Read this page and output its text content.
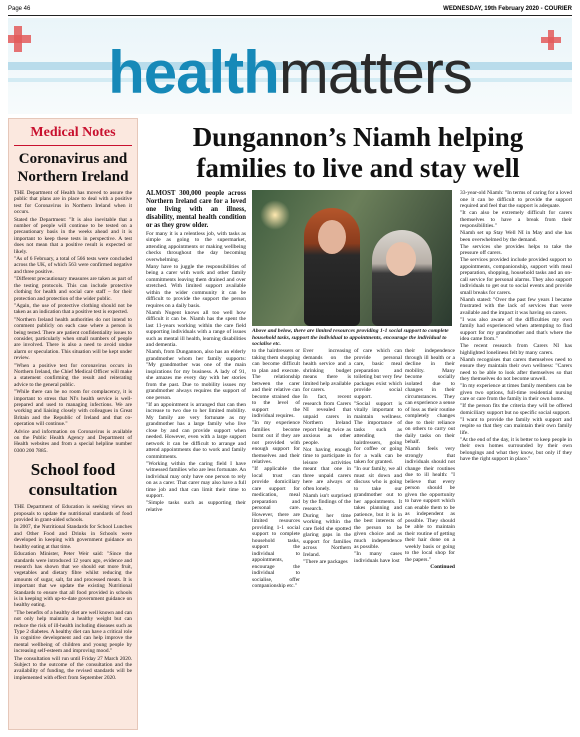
Page 46	WEDNESDAY, 19th February 2020 - COURIER
healthmatters
Medical Notes
Coronavirus and Northern Ireland

THE Department of Health has moved to assure the public that plans are in place to deal with a positive test for Coronavirus in Northern Ireland when it occurs.

Stated the Department: "It is also inevitable that a number of people will continue to be tested on a precautionary basis in the weeks ahead and it is important to keep these tests in perspective. A test does not mean that a positive result is expected or likely.

"As of 6 February, a total of 566 tests were concluded across the UK, of which 563 were confirmed negative and three positive.

"Different precautionary measures are taken as part of the testing protocols. This can include protective clothing for health and social care staff – for their protection and protection of the wider public.

"Again, the use of protective clothing should not be taken as an indication that a positive test is expected.

"Northern Ireland health authorities do not intend to comment publicly on each case where a person is being tested. There are patient confidentiality issues to consider, particularly when small numbers of people are involved. There is also a need to avoid undue alarm or speculation. This situation will be kept under review.

"When a positive test for coronavirus occurs in Northern Ireland, the Chief Medical Officer will make a statement confirming the result and reiterating advice to the general public.

"While there can be no room for complacency, it is important to stress that NI's health service is well-prepared and used to managing infections. We are working and liaising closely with colleagues in Great Britain and the Republic of Ireland and that co-operation will continue."

Advice and information on Coronavirus is available on the Public Health Agency and Department of Health websites and from a special helpline number 0300 200 7885.

School food consultation

THE Department of Education is seeking views on proposals to update the nutritional standards of food provided in grant-aided schools.

In 2007, the Nutritional Standards for School Lunches and Other Food and Drinks in Schools were developed in keeping with government guidance on healthy eating at that time.

Education Minister, Peter Weir said: "Since the standards were introduced 12 years ago, evidence and research has shown that we should eat more fruit, vegetables and dietary fibre whilst reducing the amounts of sugar, salt, fat and processed meats. It is important that we update the existing Nutritional Standards to ensure that all food provided in schools is in keeping with up-to-date government guidance on healthy eating.

"The benefits of a healthy diet are well known and can not only help maintain a healthy weight but can reduce the risk of ill-health including diseases such as Type 2 diabetes. A healthy diet can have a critical role in cognitive development and can help improve the mental wellbeing of children and young people by increasing self-esteem and improving mood."

The consultation will run until Friday 27 March 2020. Subject to the outcome of the consultation and the availability of funding, the revised standards will be implemented with effect from September 2020.

Dungannon’s Niamh helping families to live and stay well

ALMOST 300,000 people across Northern Ireland care for a loved one living with an illness, disability, mental health condition or as they grow older.

For many it is a relentless job, with tasks as simple as going to the supermarket, attending appointments or making wellbeing checks throughout the day becoming overwhelming.

Many have to juggle the responsibilities of being a carer with work and other family commitments leaving them drained and over stretched. With limited support available within the wider community it can be difficult to provide the support the person requires on a daily basis.

Niamh Nugent knows all too well how difficult it can be. Niamh has the spent the last 11-years working within the care field supporting individuals with a range of issues such as mental ill health, learning disabilities and dementia.

Niamh, from Dungannon, also has an elderly grandmother whom her family supports: "My grandmother was one of the main inspirations for my business. A lady of 91, she amazes me every day with her stories from the past. Due to mobility issues my grandmother always requires the support of one person.

"If an appointment is arranged that can then increase to two due to her limited mobility. My family are very fortunate as my grandmother has a large family who live close by and can provide support when needed. However, even with a large support network it can be difficult to arrange and attend appointments due to work and family commitments.

"Working within the caring field I have witnessed families who are less fortunate. An individual may only have one person to rely on as a carer. That carer may also have a full time job and that can limit their time to support.

"Simple tasks such as supporting their relative

33-year-old Niamh: "In terms of caring for a loved one it can be difficult to provide the support required and feel that the support is adequate.

"It can also be extremely difficult for carers themselves to have a break from their responsibilities."

Niamh set up Stay Well NI in May and she has been overwhelmed by the demand.

The services she provides helps to take the pressure off carers.

The services provided include provided support to appointments, companionship, support with meal preparation, shopping, household tasks and an on-call service for personal alarms. They also support individuals to get out to social events and provide small breaks for carers.

Niamh stated: "Over the past few years I became frustrated with the lack of services that were available and the impact it was having on carers.

"I was also aware of the difficulties my own family had experienced when attempting to find support for my grandmother and that's where the idea came from."

The recent research from Carers NI has highlighted loneliness felt by many carers.

Niamh recognises that carers themselves need to ensure they maintain their own wellness: "Carers need to be able to look after themselves so that they themselves do not become unwell.

"In my experience at times family members can be given two options, full-time residential nursing care or care from the family in their own home.

"If the person fits the criteria they will be offered domiciliary support but no specific social support.

"I want to provide the family with support and respite so that they can maintain their own family life.

"At the end of the day, it is better to keep people in their own homes surrounded by their own belongings and what they know, but only if they have the right support in place."

Above and below, there are limited resources providing 1-1 social support to complete household tasks, support the individual to appointments, encourage the individual to socialise etc.

to the hairdressers or taking them shopping can become difficult to plan and execute. The relationship between the carer and their relative can become strained due to the level of support the individual requires.

"In my experience families become burnt out if they are not provided with enough support for themselves and their relatives.

"If applicable the local trust can provide domiciliary care support for medication, meal preparation and personal care. However, there are limited resources providing 1-1 social support to complete household tasks, support the individual to appointments, encourage the individual to socialise, offer companionship etc."

Ever increasing demands on the health service and a shrinking budget means there is limited help available for carers.

In fact, recent research from Carers NI revealed that unpaid carers in Northern Ireland report being twice as anxious as other people.

Not having enough time to participate in leisure activities meant that one in three unpaid carers here are always or often lonely.

Niamh isn't surprised by the findings of the research.

During her time working within the care field she spotted glaring gaps in the support for families across Northern Ireland.

"There are packages

of care which can provide personal care, basic meal preparation and toileting but very few packages exist which provide social support.

"Social support is vitally important to maintain wellness. The importance of tasks such as attending the hairdressers, going for coffee or going for a walk can be taken for granted.

"In our family, we all must sit down and discuss who is going to take our grandmother out to her appointments. It takes planning and patience, but it is in the best interests of the person to be given choice and as much independence as possible.

"In many cases individuals have lost

their independence through ill health or a decline in their mobility. Many become socially isolated due to changes in their circumstances. They can experience a sense of loss as their routine completely changes due to their reliance on others to carry out daily tasks on their behalf.

Niamh feels very strongly that individuals should not change their routines due to ill health: "I believe that every person should be given the opportunity to have support which can enable them to be as independent as possible. They should be able to maintain their routine of getting their hair done on a weekly basis or going to the local shop for the papers."

Continued
